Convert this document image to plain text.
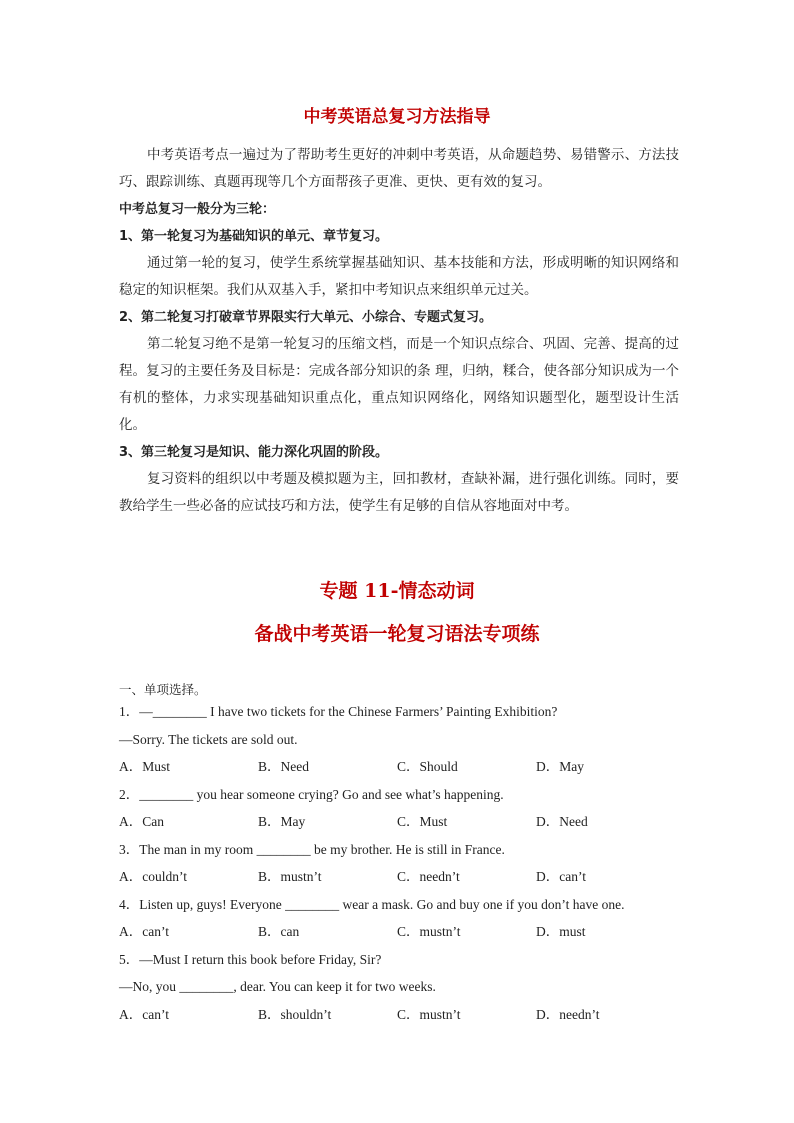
中考英语总复习方法指导

中考英语考点一遍过为了帮助考生更好的冲刺中考英语，从命题趋势、易错警示、方法技巧、跟踪训练、真题再现等几个方面帮孩子更准、更快、更有效的复习。

中考总复习一般分为三轮：

1、第一轮复习为基础知识的单元、章节复习。

通过第一轮的复习，使学生系统掌握基础知识、基本技能和方法，形成明晰的知识网络和稳定的知识框架。我们从双基入手，紧扣中考知识点来组织单元过关。

2、第二轮复习打破章节界限实行大单元、小综合、专题式复习。

第二轮复习绝不是第一轮复习的压缩文档，而是一个知识点综合、巩固、完善、提高的过程。复习的主要任务及目标是：完成各部分知识的条 理，归纳，糅合，使各部分知识成为一个有机的整体，力求实现基础知识重点化，重点知识网络化，网络知识题型化，题型设计生活化。

3、第三轮复习是知识、能力深化巩固的阶段。

复习资料的组织以中考题及模拟题为主，回扣教材，查缺补漏，进行强化训练。同时，要教给学生一些必备的应试技巧和方法，使学生有足够的自信从容地面对中考。

专题 11-情态动词
备战中考英语一轮复习语法专项练
一、单项选择。
1．—________ I have two tickets for the Chinese Farmers’ Painting Exhibition?
—Sorry. The tickets are sold out.
A．Must	B．Need	C．Should	D．May
2．________ you hear someone crying? Go and see what’s happening.
A．Can	B．May	C．Must	D．Need
3．The man in my room ________ be my brother. He is still in France.
A．couldn’t	B．mustn’t	C．needn’t	D．can’t
4．Listen up, guys! Everyone ________ wear a mask. Go and buy one if you don’t have one.
A．can’t	B．can	C．mustn’t	D．must
5．—Must I return this book before Friday, Sir?
—No, you ________, dear. You can keep it for two weeks.
A．can’t	B．shouldn’t	C．mustn’t	D．needn’t
